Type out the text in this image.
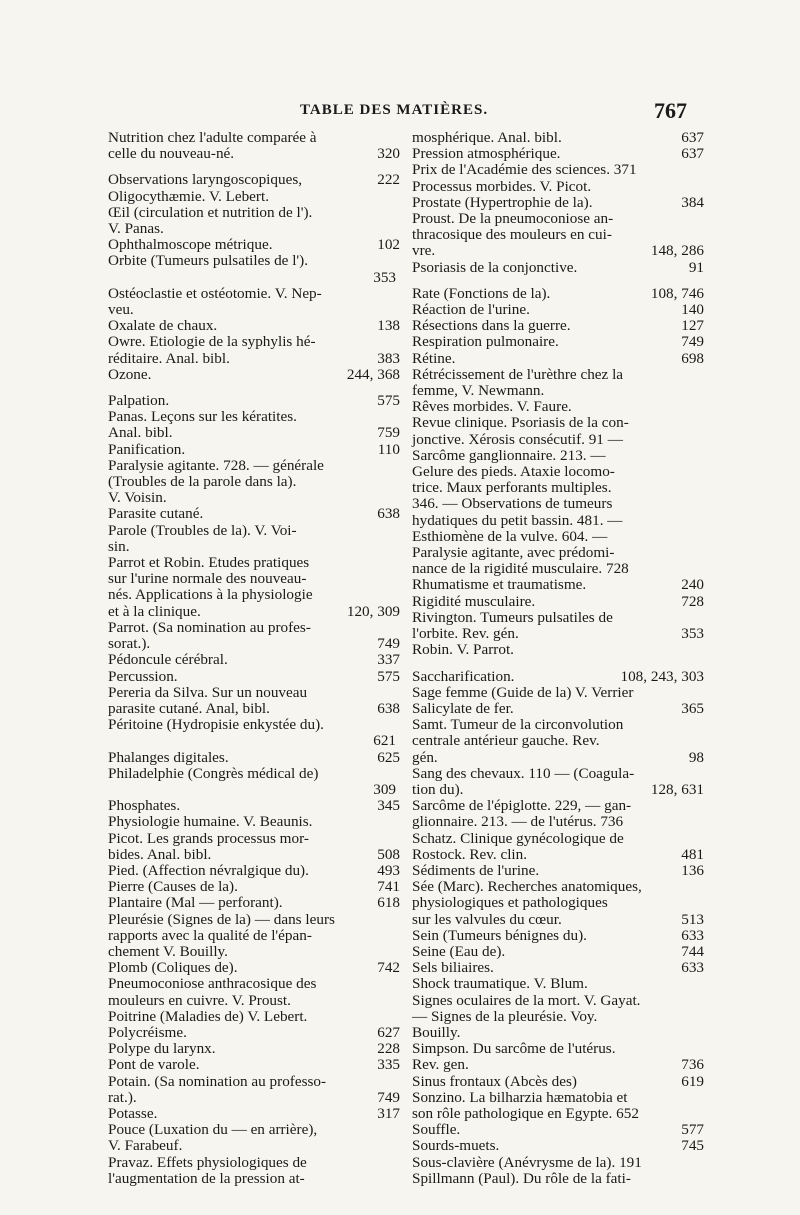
TABLE DES MATIÈRES.	767
Nutrition chez l'adulte comparée à
celle du nouveau-né.	320
Observations laryngoscopiques,	222
Oligocythæmie. V. Lebert.
Œil (circulation et nutrition de l').
V. Panas.
Ophthalmoscope métrique.	102
Orbite (Tumeurs pulsatiles de l').
353
Ostéoclastie et ostéotomie. V. Nep-
veu.
Oxalate de chaux.	138
Owre. Etiologie de la syphylis hé-
réditaire. Anal. bibl.	383
Ozone.	244, 368
Palpation.	575
Panas. Leçons sur les kératites.
Anal. bibl.	759
Panification.	110
Paralysie agitante. 728. — générale
(Troubles de la parole dans la).
V. Voisin.
Parasite cutané.	638
Parole (Troubles de la). V. Voi-
sin.
Parrot et Robin. Etudes pratiques
sur l'urine normale des nouveau-
nés. Applications à la physiologie
et à la clinique.	120, 309
Parrot. (Sa nomination au profes-
sorat.).	749
Pédoncule cérébral.	337
Percussion.	575
Pereria da Silva. Sur un nouveau
parasite cutané. Anal, bibl.	638
Péritoine (Hydropisie enkystée du).
621
Phalanges digitales.	625
Philadelphie (Congrès médical de)
309
Phosphates.	345
Physiologie humaine. V. Beaunis.
Picot. Les grands processus mor-
bides. Anal. bibl.	508
Pied. (Affection névralgique du).	493
Pierre (Causes de la).	741
Plantaire (Mal — perforant).	618
Pleurésie (Signes de la) — dans leurs
rapports avec la qualité de l'épan-
chement V. Bouilly.
Plomb (Coliques de).	742
Pneumoconiose anthracosique des
mouleurs en cuivre. V. Proust.
Poitrine (Maladies de) V. Lebert.
Polycréisme.	627
Polype du larynx.	228
Pont de varole.	335
Potain. (Sa nomination au professo-
rat.).	749
Potasse.	317
Pouce (Luxation du — en arrière),
V. Farabeuf.
Pravaz. Effets physiologiques de
l'augmentation de la pression at-
mosphérique. Anal. bibl.	637
Pression atmosphérique.	637
Prix de l'Académie des sciences. 371
Processus morbides. V. Picot.
Prostate (Hypertrophie de la).	384
Proust. De la pneumoconiose an-
thracosique des mouleurs en cui-
vre.	148, 286
Psoriasis de la conjonctive.	91
Rate (Fonctions de la).	108, 746
Réaction de l'urine.	140
Résections dans la guerre.	127
Respiration pulmonaire.	749
Rétine.	698
Rétrécissement de l'urèthre chez la
femme, V. Newmann.
Rêves morbides. V. Faure.
Revue clinique. Psoriasis de la con-
jonctive. Xérosis consécutif. 91 —
Sarcôme ganglionnaire. 213. —
Gelure des pieds. Ataxie locomo-
trice. Maux perforants multiples.
346. — Observations de tumeurs
hydatiques du petit bassin. 481. —
Esthiomène de la vulve. 604. —
Paralysie agitante, avec prédomi-
nance de la rigidité musculaire. 728
Rhumatisme et traumatisme.	240
Rigidité musculaire.	728
Rivington. Tumeurs pulsatiles de
l'orbite. Rev. gén.	353
Robin. V. Parrot.
Saccharification.	108, 243, 303
Sage femme (Guide de la) V. Verrier
Salicylate de fer.	365
Samt. Tumeur de la circonvolution
centrale antérieur gauche. Rev.
gén.	98
Sang des chevaux. 110 — (Coagula-
tion du).	128, 631
Sarcôme de l'épiglotte. 229, — gan-
glionnaire. 213. — de l'utérus. 736
Schatz. Clinique gynécologique de
Rostock. Rev. clin.	481
Sédiments de l'urine.	136
Sée (Marc). Recherches anatomiques,
physiologiques et pathologiques
sur les valvules du cœur.	513
Sein (Tumeurs bénignes du).	633
Seine (Eau de).	744
Sels biliaires.	633
Shock traumatique. V. Blum.
Signes oculaires de la mort. V. Gayat.
— Signes de la pleurésie. Voy.
Bouilly.
Simpson. Du sarcôme de l'utérus.
Rev. gen.	736
Sinus frontaux (Abcès des)	619
Sonzino. La bilharzia hæmatobia et
son rôle pathologique en Egypte. 652
Souffle.	577
Sourds-muets.	745
Sous-clavière (Anévrysme de la). 191
Spillmann (Paul). Du rôle de la fati-
